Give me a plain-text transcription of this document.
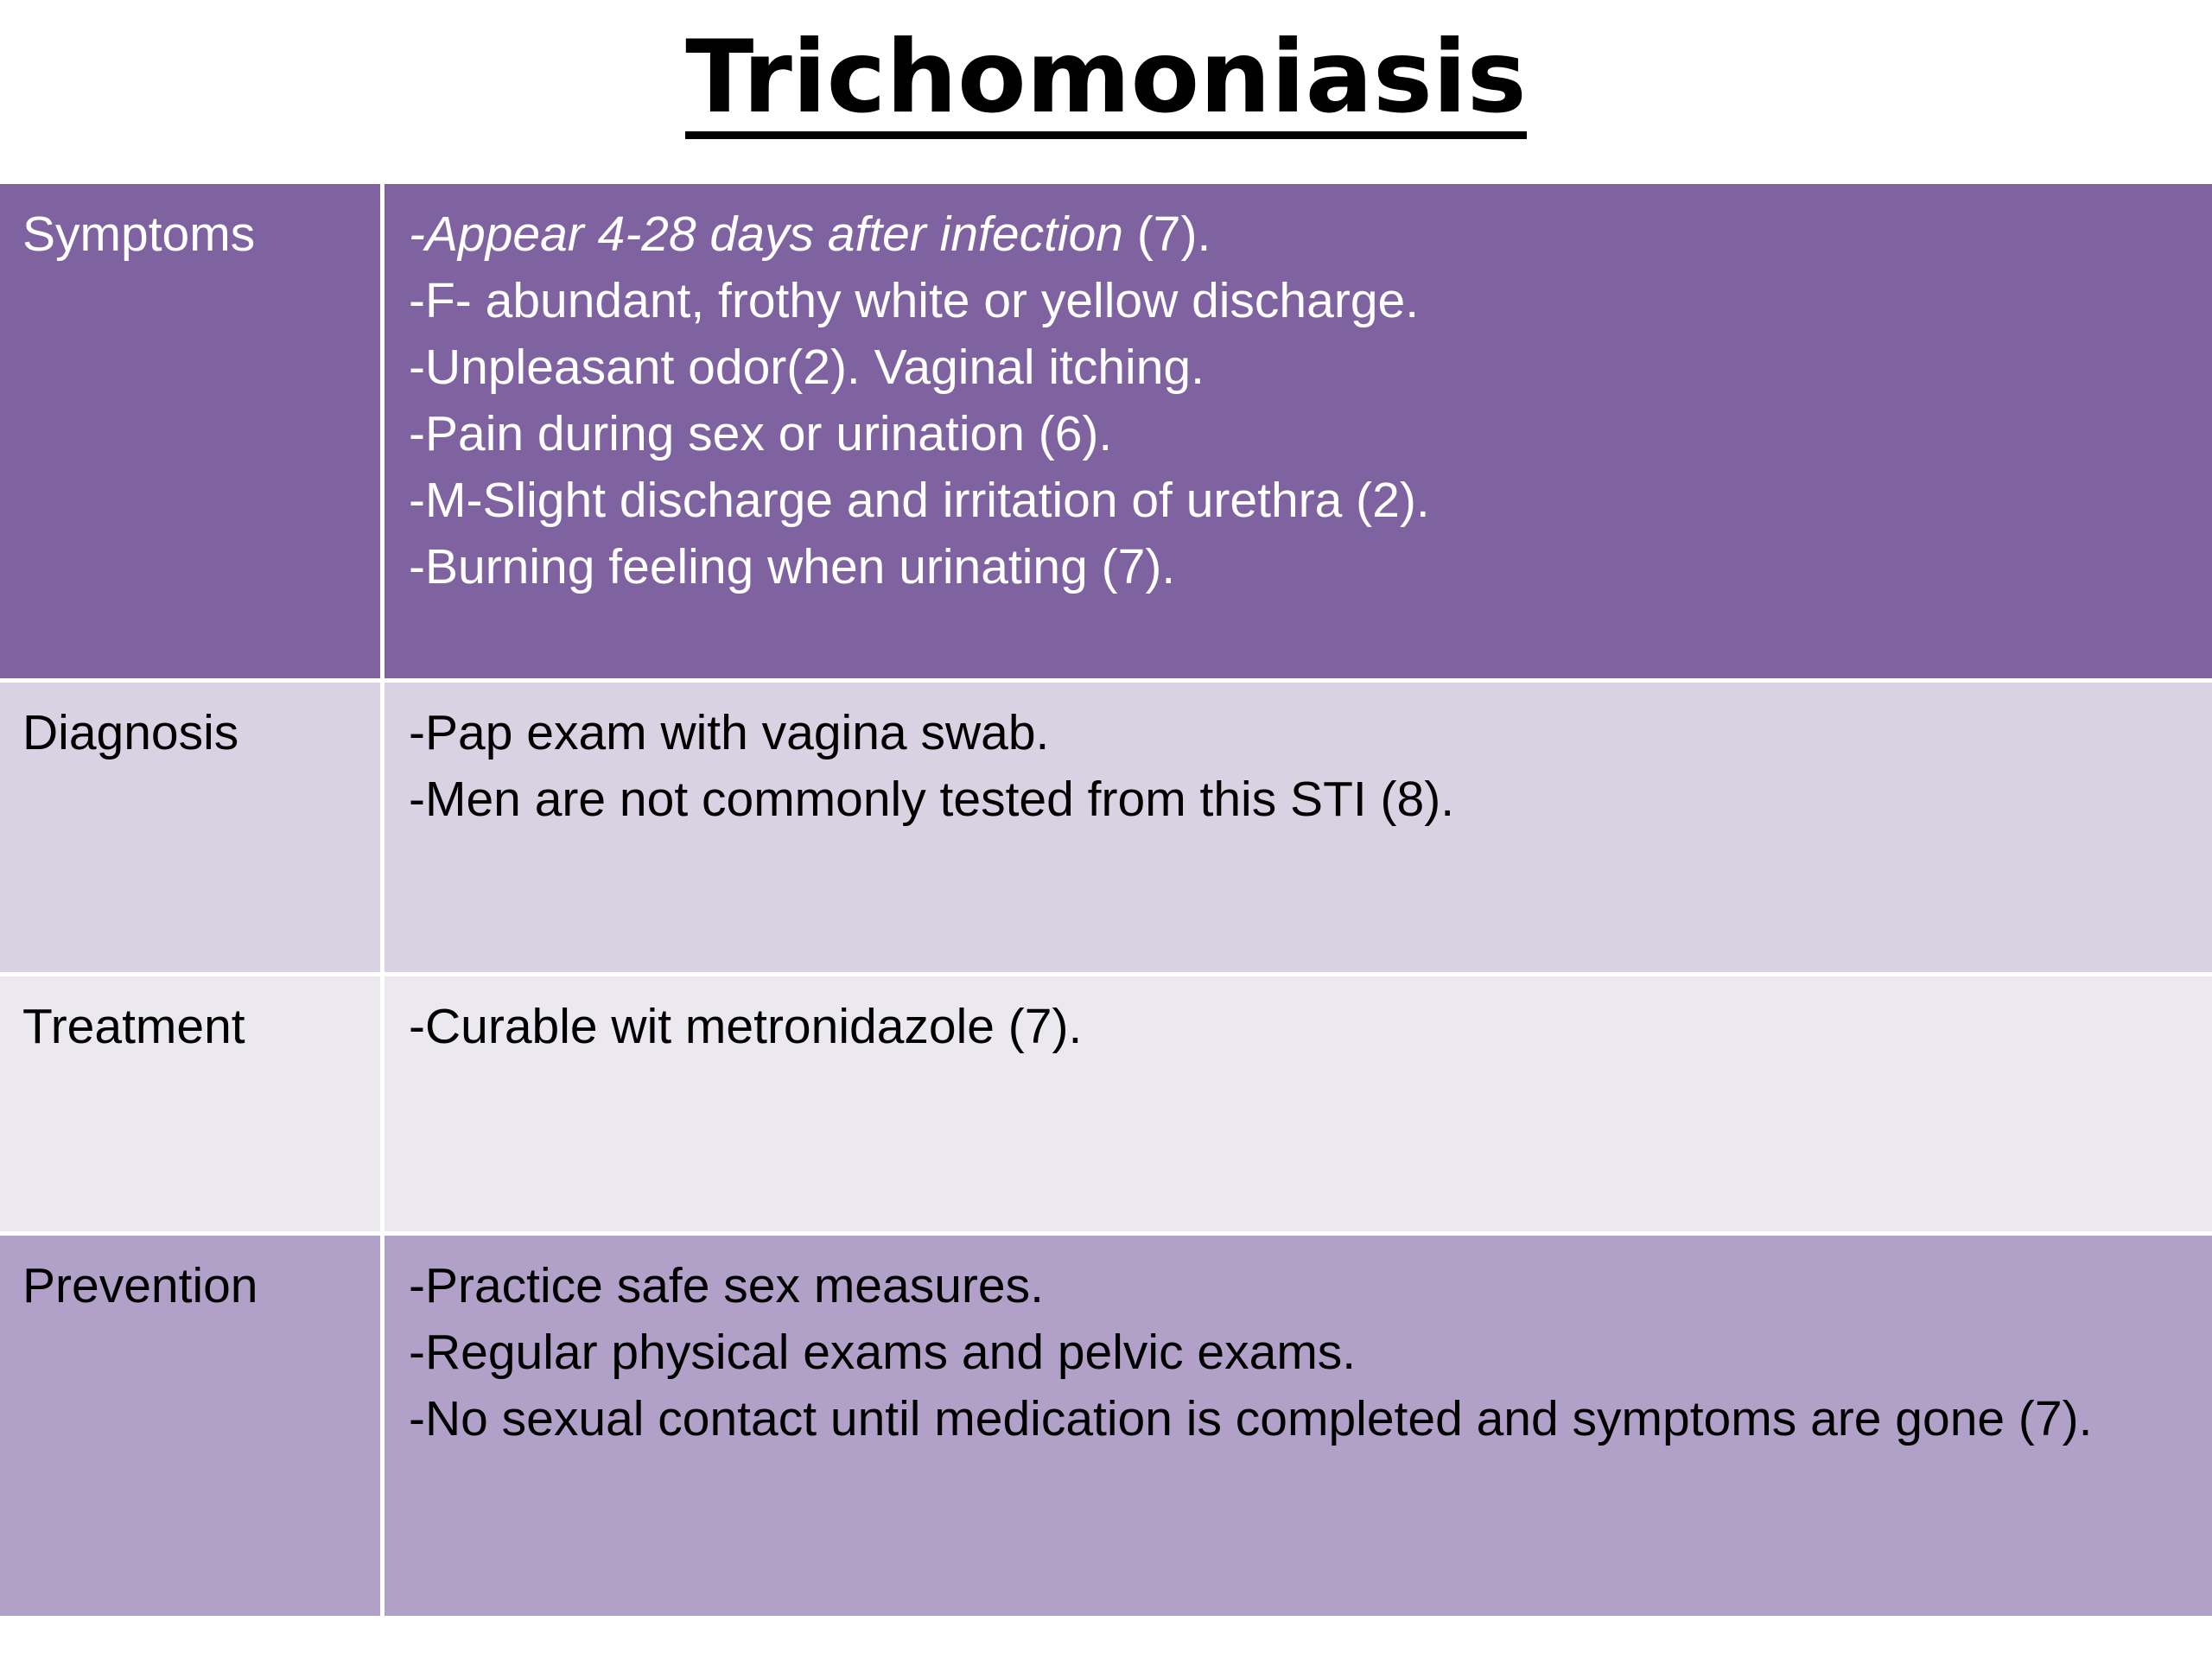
Trichomoniasis
Symptoms	-Appear 4-28 days after infection (7).
-F- abundant, frothy white or yellow discharge.
-Unpleasant odor(2). Vaginal itching.
-Pain during sex or urination (6).
-M-Slight discharge and irritation of urethra (2).
-Burning feeling when urinating (7).
Diagnosis	-Pap exam with vagina swab.
-Men are not commonly tested from this STI (8).
Treatment	-Curable wit metronidazole (7).
Prevention	-Practice safe sex measures.
-Regular physical exams and pelvic exams.
-No sexual contact until medication is completed and symptoms are gone (7).
